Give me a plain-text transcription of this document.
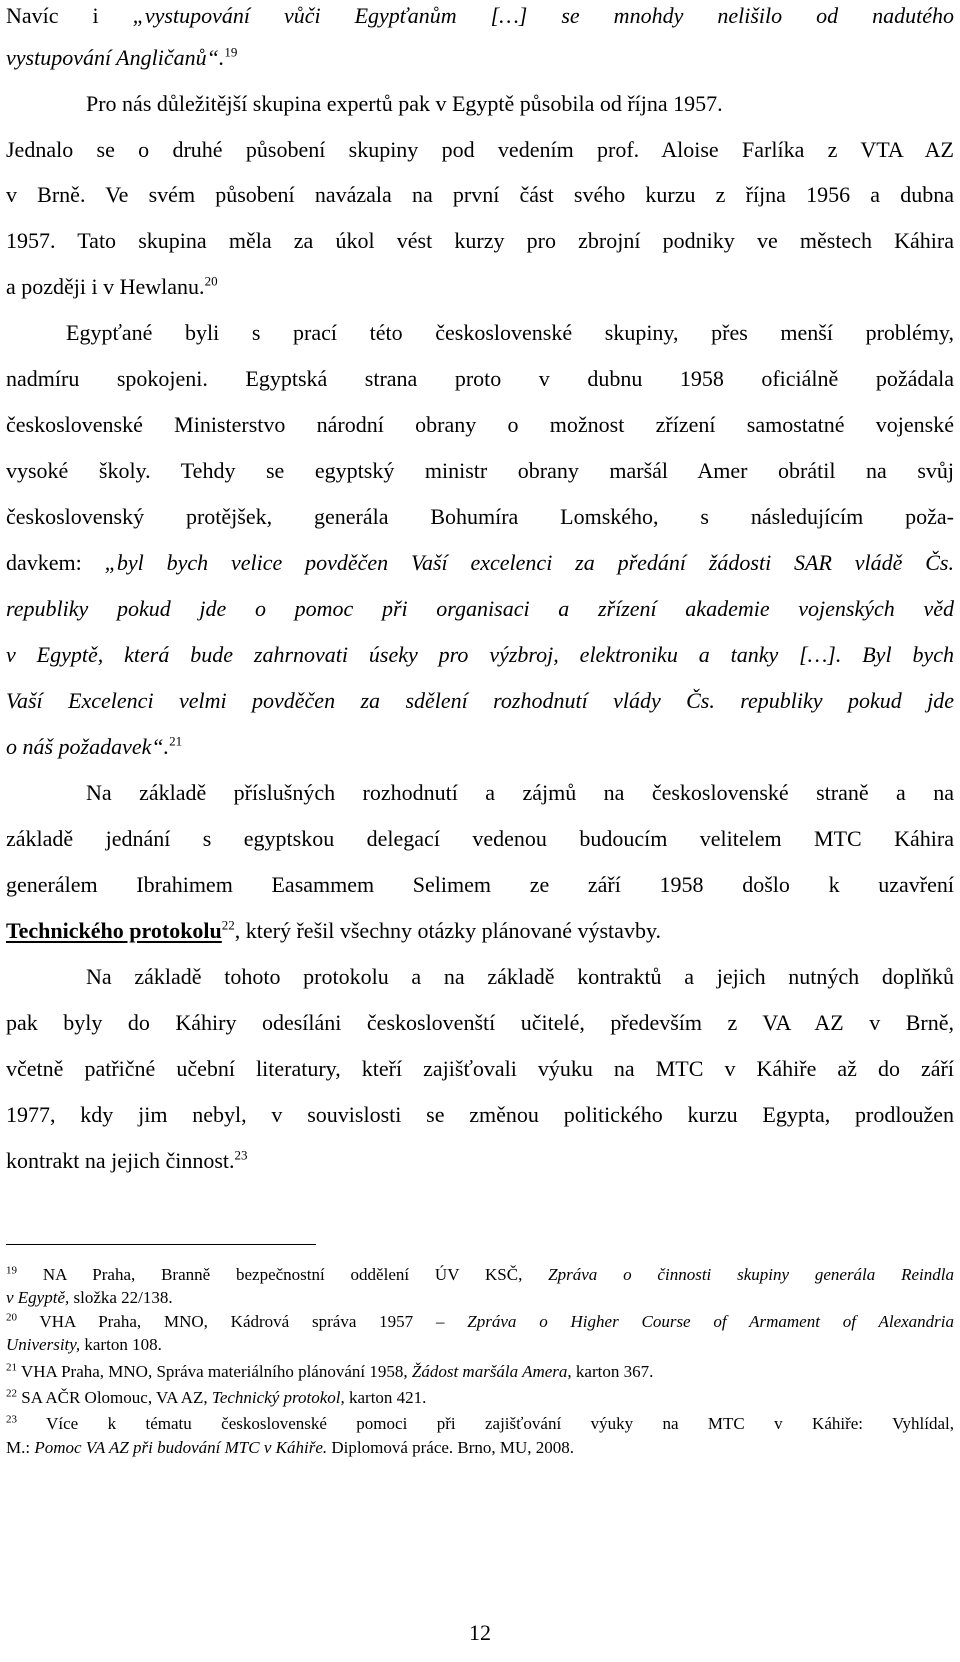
Navíc i „vystupování vůči Egypťanům […] se mnohdy nelišilo od nadutého
vystupování Angličanů“.$^{19}$
Pro nás důležitější skupina expertů pak v Egyptě působila od října 1957.
Jednalo se o druhé působení skupiny pod vedením prof. Aloise Farlíka z VTA AZ
v Brně. Ve svém působení navázala na první část svého kurzu z října 1956 a dubna
1957. Tato skupina měla za úkol vést kurzy pro zbrojní podniky ve městech Káhira
a později i v Hewlanu.$^{20}$
Egypťané byli s prací této československé skupiny, přes menší problémy,
nadmíru spokojeni. Egyptská strana proto v dubnu 1958 oficiálně požádala
československé Ministerstvo národní obrany o možnost zřízení samostatné vojenské
vysoké školy. Tehdy se egyptský ministr obrany maršál Amer obrátil na svůj
československý protějšek, generála Bohumíra Lomského, s následujícím poža-
davkem: „byl bych velice povděčen Vaší excelenci za předání žádosti SAR vládě Čs.
republiky pokud jde o pomoc při organisaci a zřízení akademie vojenských věd
v Egyptě, která bude zahrnovati úseky pro výzbroj, elektroniku a tanky […]. Byl bych
Vaší Excelenci velmi povděčen za sdělení rozhodnutí vlády Čs. republiky pokud jde
o náš požadavek“.$^{21}$
Na základě příslušných rozhodnutí a zájmů na československé straně a na
základě jednání s egyptskou delegací vedenou budoucím velitelem MTC Káhira
generálem Ibrahimem Easammem Selimem ze září 1958 došlo k uzavření
Technického protokolu$^{22}$, který řešil všechny otázky plánované výstavby.
Na základě tohoto protokolu a na základě kontraktů a jejich nutných doplňků
pak byly do Káhiry odesíláni českoslovenští učitelé, především z VA AZ v Brně,
včetně patřičné učební literatury, kteří zajišťovali výuku na MTC v Káhiře až do září
1977, kdy jim nebyl, v souvislosti se změnou politického kurzu Egypta, prodloužen
kontrakt na jejich činnost.$^{23}$
$^{19}$ NA Praha, Branně bezpečnostní oddělení ÚV KSČ, Zpráva o činnosti skupiny generála Reindla
v Egyptě, složka 22/138.
$^{20}$ VHA Praha, MNO, Kádrová správa 1957 – Zpráva o Higher Course of Armament of Alexandria
University, karton 108.
$^{21}$ VHA Praha, MNO, Správa materiálního plánování 1958, Žádost maršála Amera, karton 367.
$^{22}$ SA AČR Olomouc, VA AZ, Technický protokol, karton 421.
$^{23}$ Více k tématu československé pomoci při zajišťování výuky na MTC v Káhiře: Vyhlídal,
M.: Pomoc VA AZ při budování MTC v Káhiře. Diplomová práce. Brno, MU, 2008.
12
